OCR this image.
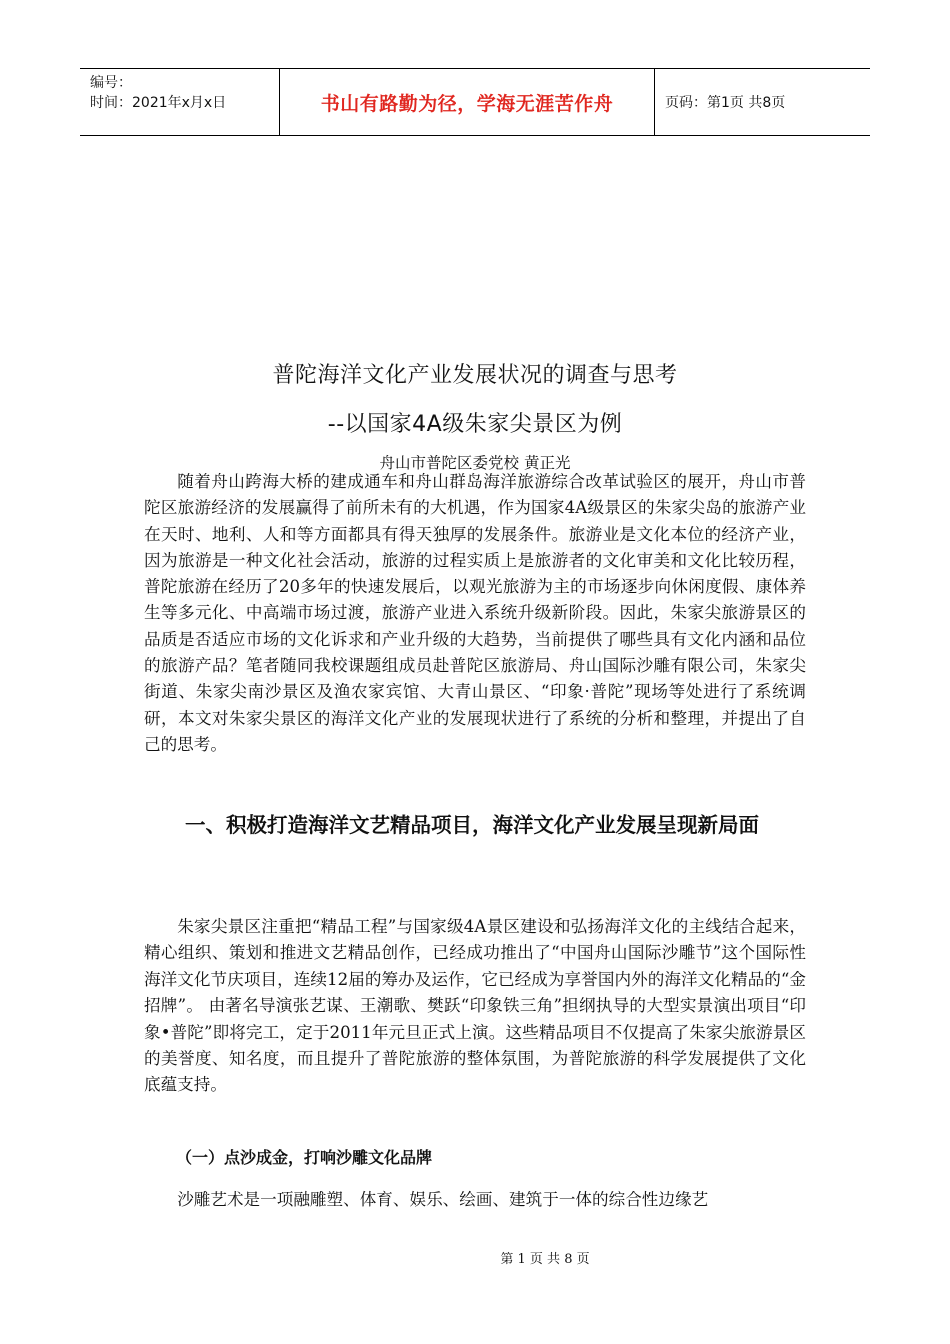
编号：
时间：2021年x月x日	书山有路勤为径，学海无涯苦作舟	页码：第1页 共8页
普陀海洋文化产业发展状况的调查与思考
--以国家4A级朱家尖景区为例
舟山市普陀区委党校 黄正光

随着舟山跨海大桥的建成通车和舟山群岛海洋旅游综合改革试验区的展开，舟山市普陀区旅游经济的发展赢得了前所未有的大机遇，作为国家4A级景区的朱家尖岛的旅游产业在天时、地利、人和等方面都具有得天独厚的发展条件。旅游业是文化本位的经济产业，因为旅游是一种文化社会活动，旅游的过程实质上是旅游者的文化审美和文化比较历程，普陀旅游在经历了20多年的快速发展后，以观光旅游为主的市场逐步向休闲度假、康体养生等多元化、中高端市场过渡，旅游产业进入系统升级新阶段。因此，朱家尖旅游景区的品质是否适应市场的文化诉求和产业升级的大趋势，当前提供了哪些具有文化内涵和品位的旅游产品？笔者随同我校课题组成员赴普陀区旅游局、舟山国际沙雕有限公司，朱家尖街道、朱家尖南沙景区及渔农家宾馆、大青山景区、“印象·普陀”现场等处进行了系统调研，本文对朱家尖景区的海洋文化产业的发展现状进行了系统的分析和整理，并提出了自己的思考。

一、积极打造海洋文艺精品项目，海洋文化产业发展呈现新局面

朱家尖景区注重把“精品工程”与国家级4A景区建设和弘扬海洋文化的主线结合起来，精心组织、策划和推进文艺精品创作，已经成功推出了“中国舟山国际沙雕节”这个国际性海洋文化节庆项目，连续12届的筹办及运作，它已经成为享誉国内外的海洋文化精品的“金招牌”。 由著名导演张艺谋、王潮歌、樊跃“印象铁三角”担纲执导的大型实景演出项目“印象•普陀”即将完工，定于2011年元旦正式上演。这些精品项目不仅提高了朱家尖旅游景区的美誉度、知名度，而且提升了普陀旅游的整体氛围，为普陀旅游的科学发展提供了文化底蕴支持。

（一）点沙成金，打响沙雕文化品牌

沙雕艺术是一项融雕塑、体育、娱乐、绘画、建筑于一体的综合性边缘艺

第 1 页 共 8 页
